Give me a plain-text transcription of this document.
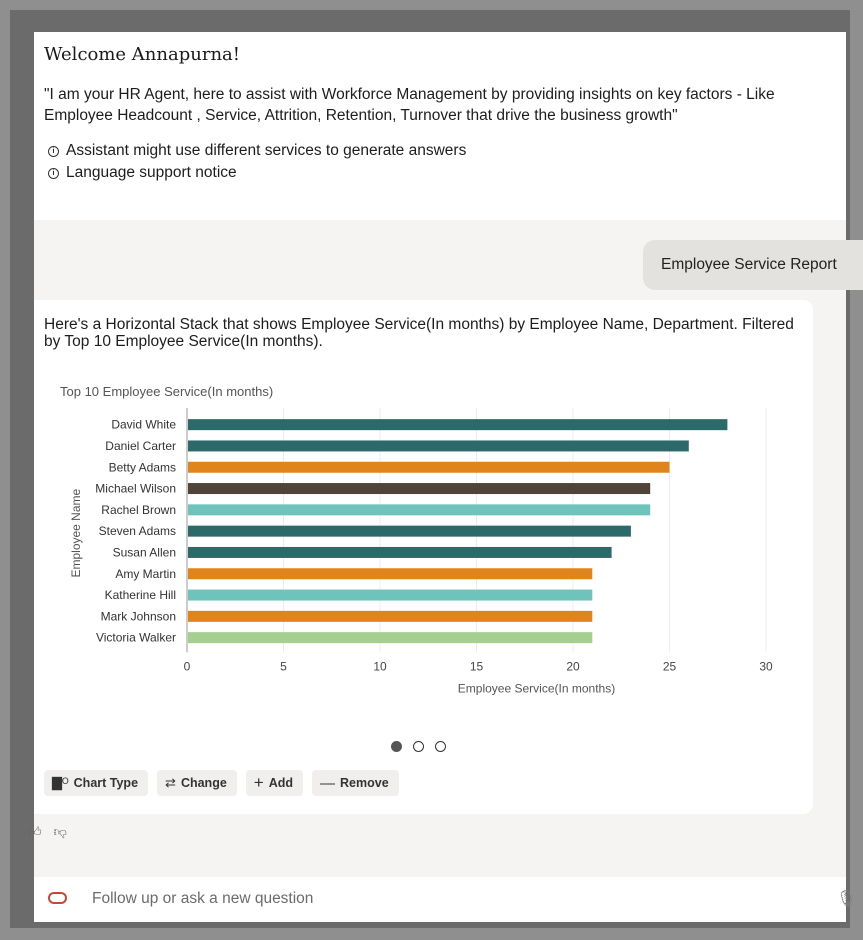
Welcome Annapurna!

"I am your HR Agent, here to assist with Workforce Management by providing insights on key factors - Like Employee Headcount , Service, Attrition, Retention, Turnover that drive the business growth"

i Assistant might use different services to generate answers
i Language support notice
Employee Service Report

Here's a Horizontal Stack that shows Employee Service(In months) by Employee Name, Department. Filtered by Top 10 Employee Service(In months).

Top 10 Employee Service(In months)
0	5	10	15	20	25	30
David White
Daniel Carter
Betty Adams
Michael Wilson
Rachel Brown
Steven Adams
Susan Allen
Amy Martin
Katherine Hill
Mark Johnson
Victoria Walker
Employee Service(In months)
Employee Name
▇ᴼ Chart Type ⇄ Change + Add — Remove
👍︎ 👎︎
Follow up or ask a new question	🎙︎
